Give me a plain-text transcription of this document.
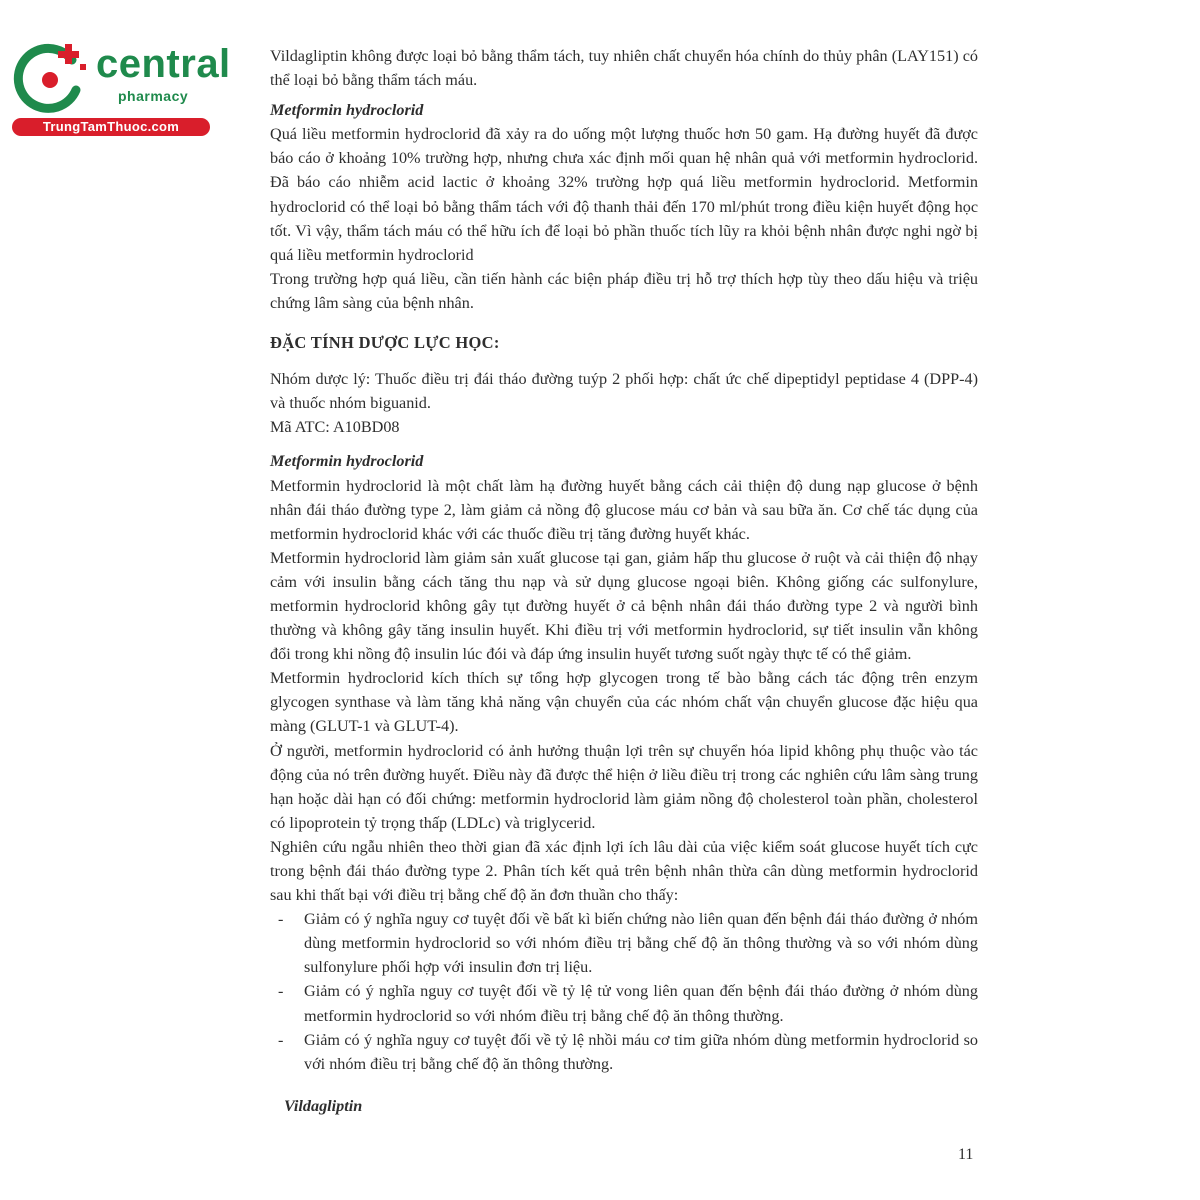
central
pharmacy
TrungTamThuoc.com

Vildagliptin không được loại bỏ bằng thẩm tách, tuy nhiên chất chuyển hóa chính do thủy phân (LAY151) có thể loại bỏ bằng thẩm tách máu.

Metformin hydroclorid

Quá liều metformin hydroclorid đã xảy ra do uống một lượng thuốc hơn 50 gam. Hạ đường huyết đã được báo cáo ở khoảng 10% trường hợp, nhưng chưa xác định mối quan hệ nhân quả với metformin hydroclorid. Đã báo cáo nhiễm acid lactic ở khoảng 32% trường hợp quá liều metformin hydroclorid. Metformin hydroclorid có thể loại bỏ bằng thẩm tách với độ thanh thải đến 170 ml/phút trong điều kiện huyết động học tốt. Vì vậy, thẩm tách máu có thể hữu ích để loại bỏ phần thuốc tích lũy ra khỏi bệnh nhân được nghi ngờ bị quá liều metformin hydroclorid

Trong trường hợp quá liều, cần tiến hành các biện pháp điều trị hỗ trợ thích hợp tùy theo dấu hiệu và triệu chứng lâm sàng của bệnh nhân.

ĐẶC TÍNH DƯỢC LỰC HỌC:

Nhóm dược lý: Thuốc điều trị đái tháo đường tuýp 2 phối hợp: chất ức chế dipeptidyl peptidase 4 (DPP-4) và thuốc nhóm biguanid.

Mã ATC: A10BD08

Metformin hydroclorid

Metformin hydroclorid là một chất làm hạ đường huyết bằng cách cải thiện độ dung nạp glucose ở bệnh nhân đái tháo đường type 2, làm giảm cả nồng độ glucose máu cơ bản và sau bữa ăn. Cơ chế tác dụng của metformin hydroclorid khác với các thuốc điều trị tăng đường huyết khác.

Metformin hydroclorid làm giảm sản xuất glucose tại gan, giảm hấp thu glucose ở ruột và cải thiện độ nhạy cảm với insulin bằng cách tăng thu nạp và sử dụng glucose ngoại biên. Không giống các sulfonylure, metformin hydroclorid không gây tụt đường huyết ở cả bệnh nhân đái tháo đường type 2 và người bình thường và không gây tăng insulin huyết. Khi điều trị với metformin hydroclorid, sự tiết insulin vẫn không đổi trong khi nồng độ insulin lúc đói và đáp ứng insulin huyết tương suốt ngày thực tế có thể giảm.

Metformin hydroclorid kích thích sự tổng hợp glycogen trong tế bào bằng cách tác động trên enzym glycogen synthase và làm tăng khả năng vận chuyển của các nhóm chất vận chuyển glucose đặc hiệu qua màng (GLUT-1 và GLUT-4).

Ở người, metformin hydroclorid có ảnh hưởng thuận lợi trên sự chuyển hóa lipid không phụ thuộc vào tác động của nó trên đường huyết. Điều này đã được thể hiện ở liều điều trị trong các nghiên cứu lâm sàng trung hạn hoặc dài hạn có đối chứng: metformin hydroclorid làm giảm nồng độ cholesterol toàn phần, cholesterol có lipoprotein tỷ trọng thấp (LDLc) và triglycerid.

Nghiên cứu ngẫu nhiên theo thời gian đã xác định lợi ích lâu dài của việc kiểm soát glucose huyết tích cực trong bệnh đái tháo đường type 2. Phân tích kết quả trên bệnh nhân thừa cân dùng metformin hydroclorid sau khi thất bại với điều trị bằng chế độ ăn đơn thuần cho thấy:

- Giảm có ý nghĩa nguy cơ tuyệt đối về bất kì biến chứng nào liên quan đến bệnh đái tháo đường ở nhóm dùng metformin hydroclorid so với nhóm điều trị bằng chế độ ăn thông thường và so với nhóm dùng sulfonylure phối hợp với insulin đơn trị liệu.
- Giảm có ý nghĩa nguy cơ tuyệt đối về tỷ lệ tử vong liên quan đến bệnh đái tháo đường ở nhóm dùng metformin hydroclorid so với nhóm điều trị bằng chế độ ăn thông thường.
- Giảm có ý nghĩa nguy cơ tuyệt đối về tỷ lệ nhồi máu cơ tim giữa nhóm dùng metformin hydroclorid so với nhóm điều trị bằng chế độ ăn thông thường.

Vildagliptin

11
